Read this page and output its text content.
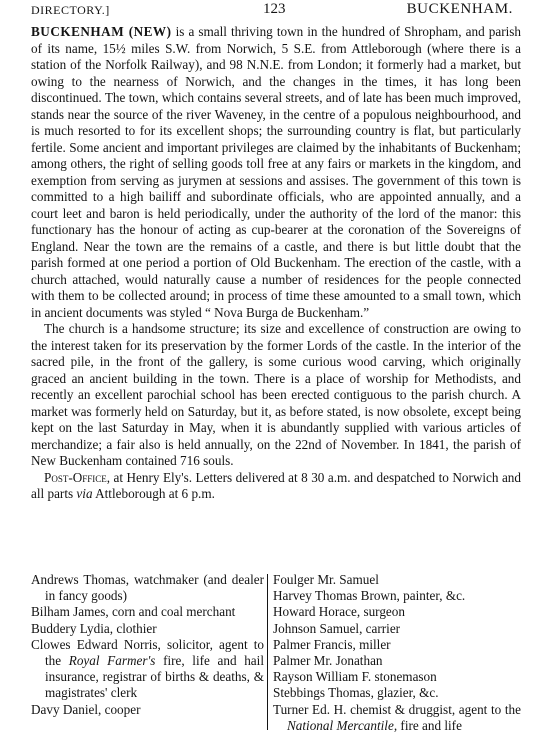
DIRECTORY.]	123	BUCKENHAM.

BUCKENHAM (NEW) is a small thriving town in the hundred of Shropham, and parish of its name, 15½ miles S.W. from Norwich, 5 S.E. from Attleborough (where there is a station of the Norfolk Railway), and 98 N.N.E. from London; it formerly had a market, but owing to the nearness of Norwich, and the changes in the times, it has long been discontinued. The town, which contains several streets, and of late has been much improved, stands near the source of the river Waveney, in the centre of a populous neighbourhood, and is much resorted to for its excellent shops; the surrounding country is flat, but particularly fertile. Some ancient and important privileges are claimed by the inhabitants of Buckenham; among others, the right of selling goods toll free at any fairs or markets in the kingdom, and exemption from serving as jurymen at sessions and assises. The government of this town is committed to a high bailiff and subordinate officials, who are appointed annually, and a court leet and baron is held periodically, under the authority of the lord of the manor: this functionary has the honour of acting as cup-bearer at the coronation of the Sovereigns of England. Near the town are the remains of a castle, and there is but little doubt that the parish formed at one period a portion of Old Buckenham. The erection of the castle, with a church attached, would naturally cause a number of residences for the people connected with them to be collected around; in process of time these amounted to a small town, which in ancient documents was styled “ Nova Burga de Buckenham.”

The church is a handsome structure; its size and excellence of construction are owing to the interest taken for its preservation by the former Lords of the castle. In the interior of the sacred pile, in the front of the gallery, is some curious wood carving, which originally graced an ancient building in the town. There is a place of worship for Methodists, and recently an excellent parochial school has been erected contiguous to the parish church. A market was formerly held on Saturday, but it, as before stated, is now obsolete, except being kept on the last Saturday in May, when it is abundantly supplied with various articles of merchandize; a fair also is held annually, on the 22nd of November. In 1841, the parish of New Buckenham contained 716 souls.

Post-Office, at Henry Ely's. Letters delivered at 8 30 a.m. and despatched to Norwich and all parts via Attleborough at 6 p.m.

Andrews Thomas, watchmaker (and dealer in fancy goods)

Bilham James, corn and coal merchant

Buddery Lydia, clothier

Clowes Edward Norris, solicitor, agent to the Royal Farmer's fire, life and hail insurance, registrar of births & deaths, & magistrates' clerk

Davy Daniel, cooper

Foulger Mr. Samuel

Harvey Thomas Brown, painter, &c.

Howard Horace, surgeon

Johnson Samuel, carrier

Palmer Francis, miller

Palmer Mr. Jonathan

Rayson William F. stonemason

Stebbings Thomas, glazier, &c.

Turner Ed. H. chemist & druggist, agent to the National Mercantile, fire and life
